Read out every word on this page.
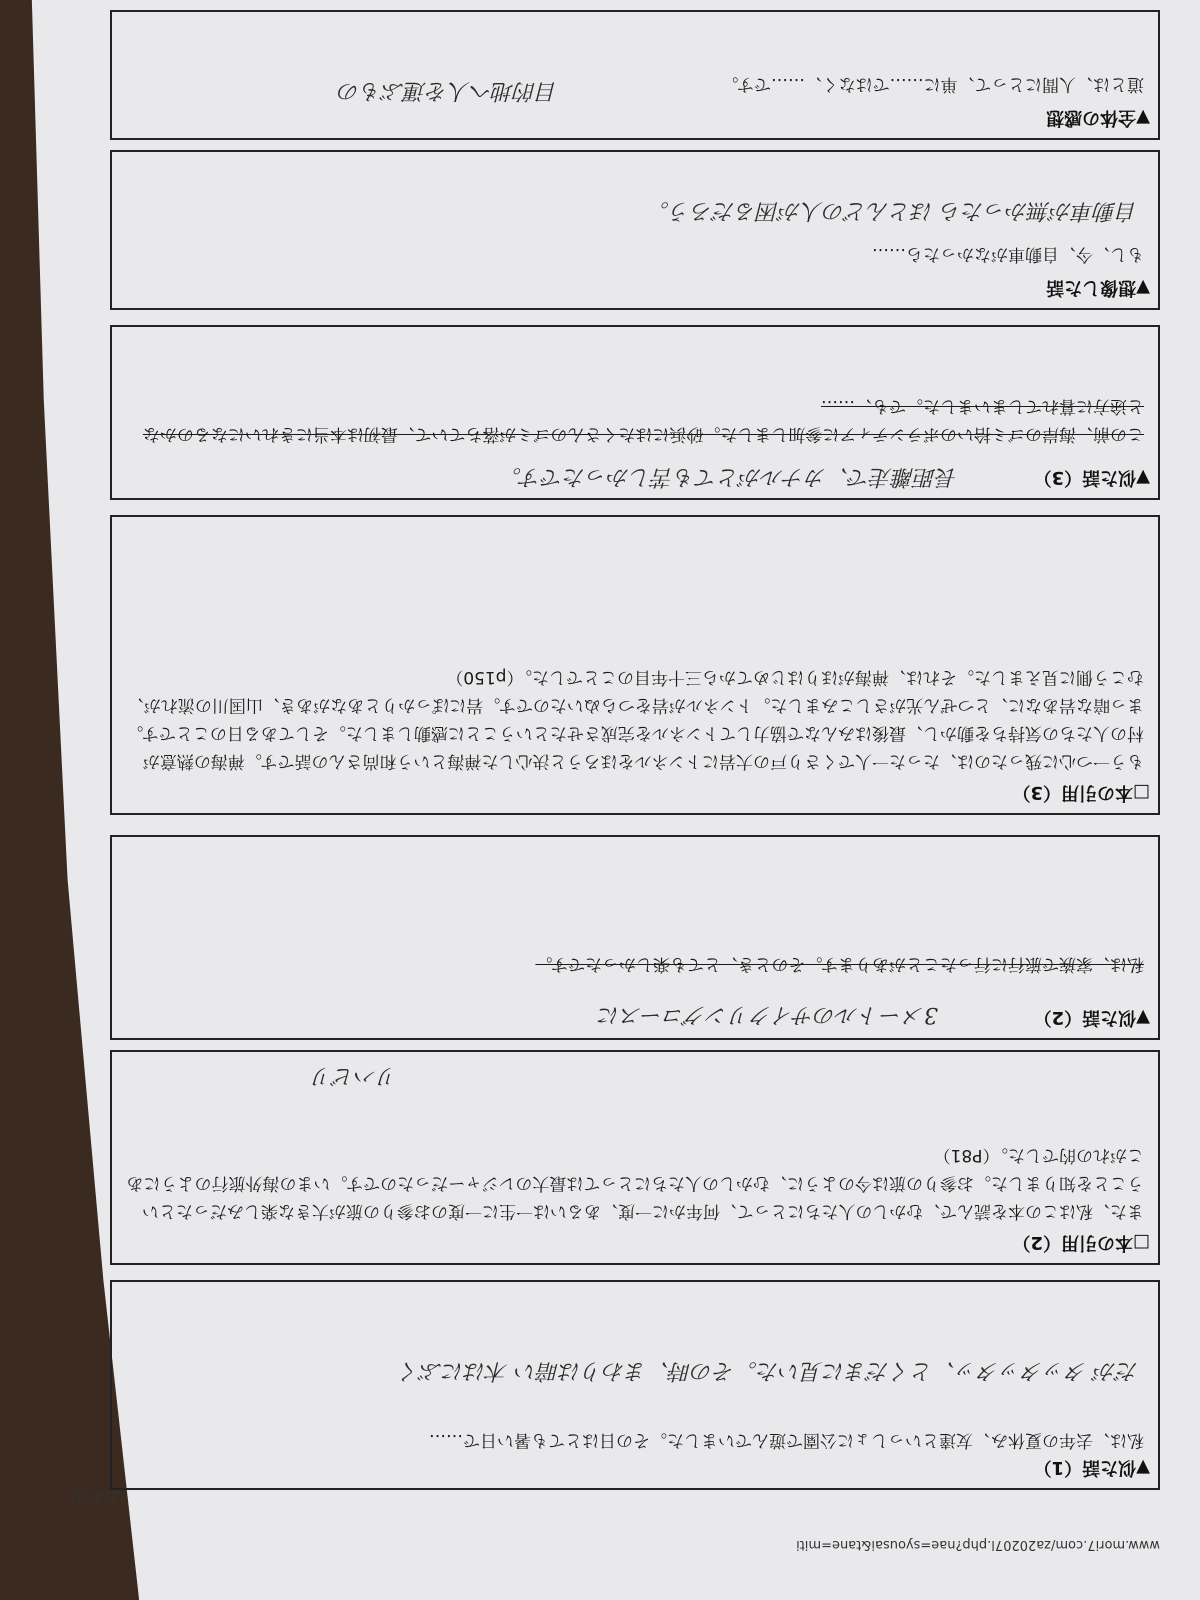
www.mori7.com/za20207l.php?nae=syousai&tane=miti
2/3ﾊ-9
▼似た話（1）
私は、去年の夏休み、友達といっしょに公園で遊んでいました。その日はとても暑い日で……
だが タッタッタッ、とくだまに見いた。その時、まわりは暗い 木はにぶく
□本の引用（2）
また、私はこの本を読んで、むかしの人たちにとって、何年かに一度、あるいは一生に一度のお参りの旅が大きな楽しみだったということを知りました。お参りの旅は今のように、むかしの人たちにとっては最大のレジャーだったのです。いまの海外旅行のようにあこがれの的でした。（P81）
リハビリ
▼似た話（2）
3メートルのサイクリングコースに
私は、家族で旅行に行ったことがあります。そのとき、とても楽しかったです。
□本の引用（3）
もう一つ心に残ったのは、たった一人でくさり戸の大岩にトンネルをほろうと決心した禅海という和尚さんの話です。禅海の熱意が村の人たちの気持ちを動かし、最後はみんなで協力してトンネルを完成させたということに感動しました。そしてある日のことです。まっ暗な岩あなに、とつぜん光がさしこみました。トンネルが岩をつらぬいたのです。岩にぽっかりとあながあき、山国川の流れが、むこう側に見えました。それは、禅海がほりはじめてから三十年目のことでした。（p150）
▼似た話（3）
長距離走で、カナルがとても苦しかったです。
この前、海岸のゴミ拾いのボランティアに参加しました。砂浜にはたくさんのゴミが落ちていて、最初は本当にきれいになるのかなと途方に暮れてしまいました。でも、……
▼想像した話
もし、今、自動車がなかったら……
自動車が無かったら ほとんどの人が困るだろう。
▼全体の感想
道とは、人間にとって、単に……ではなく、……です。
目的地へ人を運ぶもの
